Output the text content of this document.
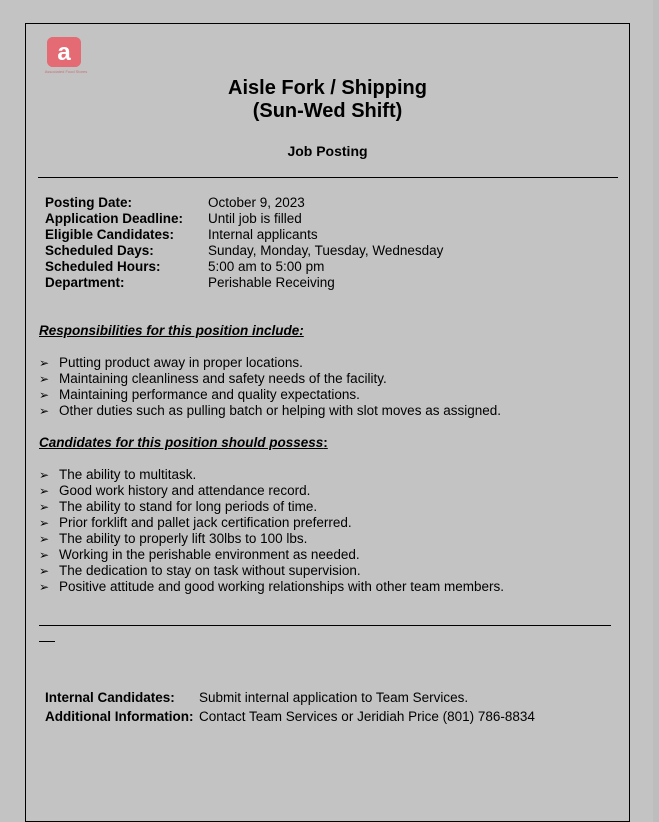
a
Associated Food Stores
Aisle Fork / Shipping
(Sun-Wed Shift)
Job Posting
Posting Date:	October 9, 2023
Application Deadline:	Until job is filled
Eligible Candidates:	Internal applicants
Scheduled Days:	Sunday, Monday, Tuesday, Wednesday
Scheduled Hours:	5:00 am to 5:00 pm
Department:	Perishable Receiving
Responsibilities for this position include:
➢ Putting product away in proper locations.
➢ Maintaining cleanliness and safety needs of the facility.
➢ Maintaining performance and quality expectations.
➢ Other duties such as pulling batch or helping with slot moves as assigned.
Candidates for this position should possess:
➢ The ability to multitask.
➢ Good work history and attendance record.
➢ The ability to stand for long periods of time.
➢ Prior forklift and pallet jack certification preferred.
➢ The ability to properly lift 30lbs to 100 lbs.
➢ Working in the perishable environment as needed.
➢ The dedication to stay on task without supervision.
➢ Positive attitude and good working relationships with other team members.
Internal Candidates:	Submit internal application to Team Services.
Additional Information: Contact Team Services or Jeridiah Price (801) 786-8834
